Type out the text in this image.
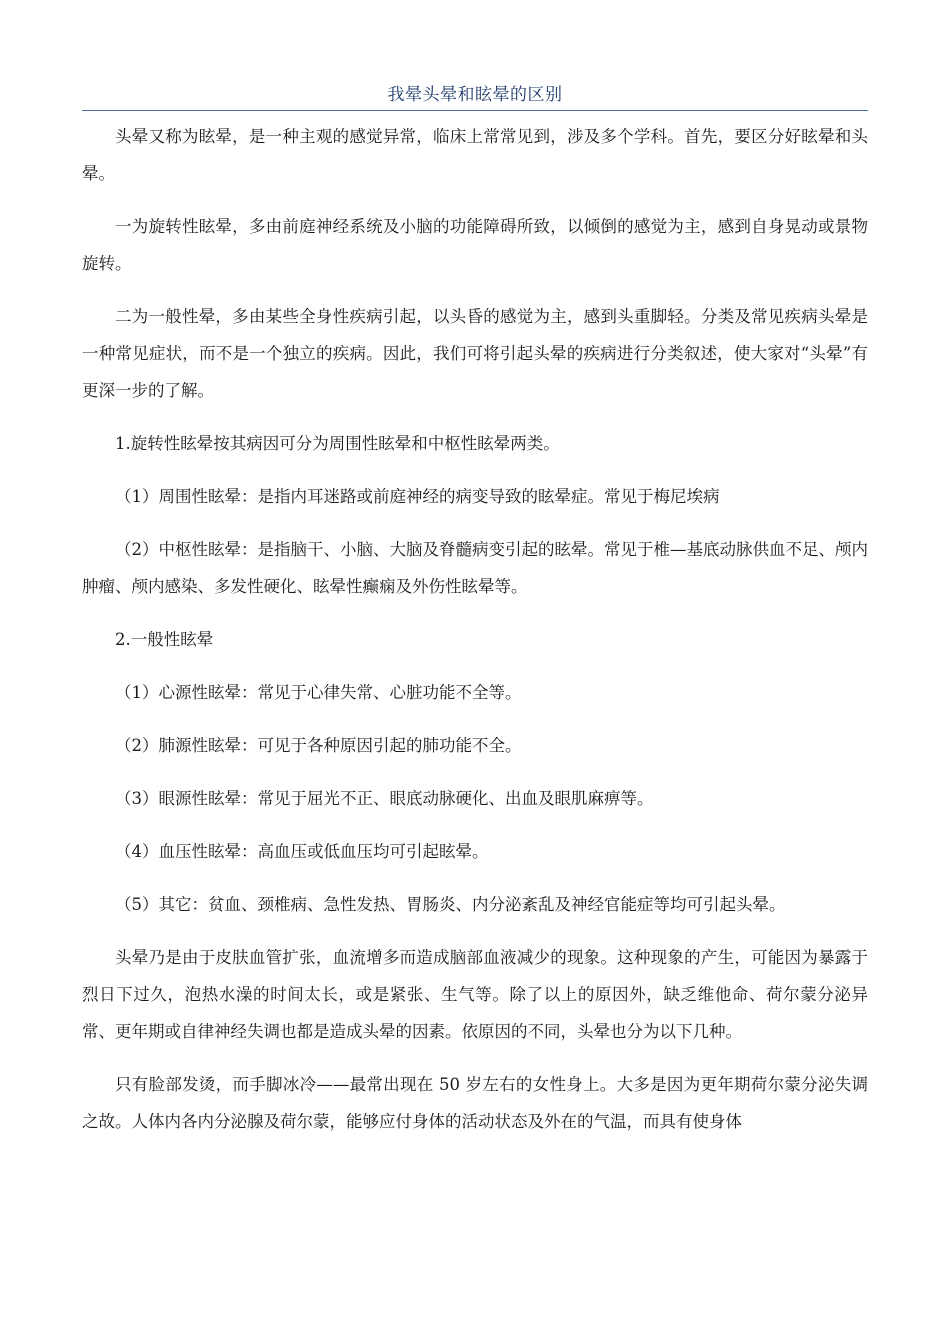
我晕头晕和眩晕的区别

头晕又称为眩晕，是一种主观的感觉异常，临床上常常见到，涉及多个学科。首先，要区分好眩晕和头晕。

一为旋转性眩晕，多由前庭神经系统及小脑的功能障碍所致，以倾倒的感觉为主，感到自身晃动或景物旋转。

二为一般性晕，多由某些全身性疾病引起，以头昏的感觉为主，感到头重脚轻。分类及常见疾病头晕是一种常见症状，而不是一个独立的疾病。因此，我们可将引起头晕的疾病进行分类叙述，使大家对“头晕”有更深一步的了解。

1.旋转性眩晕按其病因可分为周围性眩晕和中枢性眩晕两类。

（1）周围性眩晕：是指内耳迷路或前庭神经的病变导致的眩晕症。常见于梅尼埃病

（2）中枢性眩晕：是指脑干、小脑、大脑及脊髓病变引起的眩晕。常见于椎—基底动脉供血不足、颅内肿瘤、颅内感染、多发性硬化、眩晕性癫痫及外伤性眩晕等。

2.一般性眩晕

（1）心源性眩晕：常见于心律失常、心脏功能不全等。

（2）肺源性眩晕：可见于各种原因引起的肺功能不全。

（3）眼源性眩晕：常见于屈光不正、眼底动脉硬化、出血及眼肌麻痹等。

（4）血压性眩晕：高血压或低血压均可引起眩晕。

（5）其它：贫血、颈椎病、急性发热、胃肠炎、内分泌紊乱及神经官能症等均可引起头晕。

头晕乃是由于皮肤血管扩张，血流增多而造成脑部血液减少的现象。这种现象的产生，可能因为暴露于烈日下过久，泡热水澡的时间太长，或是紧张、生气等。除了以上的原因外，缺乏维他命、荷尔蒙分泌异常、更年期或自律神经失调也都是造成头晕的因素。依原因的不同，头晕也分为以下几种。

只有脸部发烫，而手脚冰冷——最常出现在 50 岁左右的女性身上。大多是因为更年期荷尔蒙分泌失调之故。人体内各内分泌腺及荷尔蒙，能够应付身体的活动状态及外在的气温，而具有使身体
